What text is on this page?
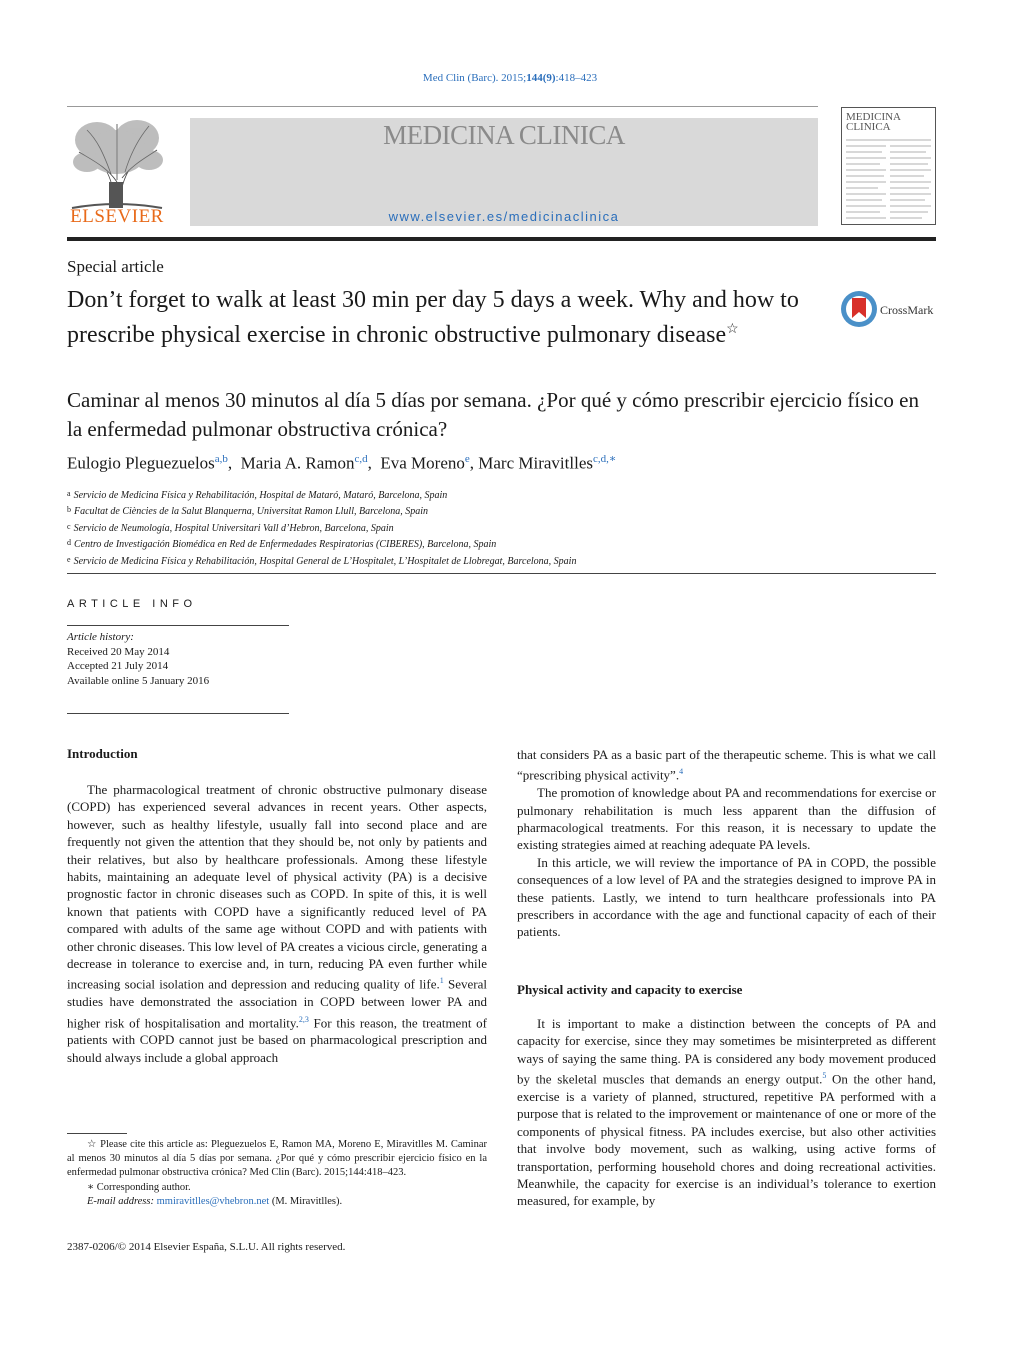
Med Clin (Barc). 2015;144(9):418–423
ELSEVIER
MEDICINA CLINICA
www.elsevier.es/medicinaclinica
MEDICINA
CLINICA
Special article
Don’t forget to walk at least 30 min per day 5 days a week. Why and how to prescribe physical exercise in chronic obstructive pulmonary disease☆
CrossMark
Caminar al menos 30 minutos al día 5 días por semana. ¿Por qué y cómo prescribir ejercicio físico en la enfermedad pulmonar obstructiva crónica?
Eulogio Pleguezuelos$^{a,b}$,  Maria A. Ramon$^{c,d}$,  Eva Moreno$^e$, Marc Miravitlles$^{c,d,∗}$
$^a$ Servicio de Medicina Física y Rehabilitación, Hospital de Mataró, Mataró, Barcelona, Spain
$^b$ Facultat de Ciències de la Salut Blanquerna, Universitat Ramon Llull, Barcelona, Spain
$^c$ Servicio de Neumología, Hospital Universitari Vall d’Hebron, Barcelona, Spain
$^d$ Centro de Investigación Biomédica en Red de Enfermedades Respiratorias (CIBERES), Barcelona, Spain
$^e$ Servicio de Medicina Física y Rehabilitación, Hospital General de L’Hospitalet, L’Hospitalet de Llobregat, Barcelona, Spain
ARTICLE INFO
Article history:
Received 20 May 2014
Accepted 21 July 2014
Available online 5 January 2016
Introduction

The pharmacological treatment of chronic obstructive pulmonary disease (COPD) has experienced several advances in recent years. Other aspects, however, such as healthy lifestyle, usually fall into second place and are frequently not given the attention that they should be, not only by patients and their relatives, but also by healthcare professionals. Among these lifestyle habits, maintaining an adequate level of physical activity (PA) is a decisive prognostic factor in chronic diseases such as COPD. In spite of this, it is well known that patients with COPD have a significantly reduced level of PA compared with adults of the same age without COPD and with patients with other chronic diseases. This low level of PA creates a vicious circle, generating a decrease in tolerance to exercise and, in turn, reducing PA even further while increasing social isolation and depression and reducing quality of life.$^1$ Several studies have demonstrated the association in COPD between lower PA and higher risk of hospitalisation and mortality.$^{2,3}$ For this reason, the treatment of patients with COPD cannot just be based on pharmacological prescription and should always include a global approach

that considers PA as a basic part of the therapeutic scheme. This is what we call “prescribing physical activity”.$^4$

The promotion of knowledge about PA and recommendations for exercise or pulmonary rehabilitation is much less apparent than the diffusion of pharmacological treatments. For this reason, it is necessary to update the existing strategies aimed at reaching adequate PA levels.

In this article, we will review the importance of PA in COPD, the possible consequences of a low level of PA and the strategies designed to improve PA in these patients. Lastly, we intend to turn healthcare professionals into PA prescribers in accordance with the age and functional capacity of each of their patients.

Physical activity and capacity to exercise

It is important to make a distinction between the concepts of PA and capacity for exercise, since they may sometimes be misinterpreted as different ways of saying the same thing. PA is considered any body movement produced by the skeletal muscles that demands an energy output.$^5$ On the other hand, exercise is a variety of planned, structured, repetitive PA performed with a purpose that is related to the improvement or maintenance of one or more of the components of physical fitness. PA includes exercise, but also other activities that involve body movement, such as walking, using active forms of transportation, performing household chores and doing recreational activities. Meanwhile, the capacity for exercise is an individual’s tolerance to exertion measured, for example, by

☆ Please cite this article as: Pleguezuelos E, Ramon MA, Moreno E, Miravitlles M. Caminar al menos 30 minutos al día 5 días por semana. ¿Por qué y cómo prescribir ejercicio físico en la enfermedad pulmonar obstructiva crónica? Med Clin (Barc). 2015;144:418–423.
∗ Corresponding author.
E-mail address: mmiravitlles@vhebron.net (M. Miravitlles).
2387-0206/© 2014 Elsevier España, S.L.U. All rights reserved.
